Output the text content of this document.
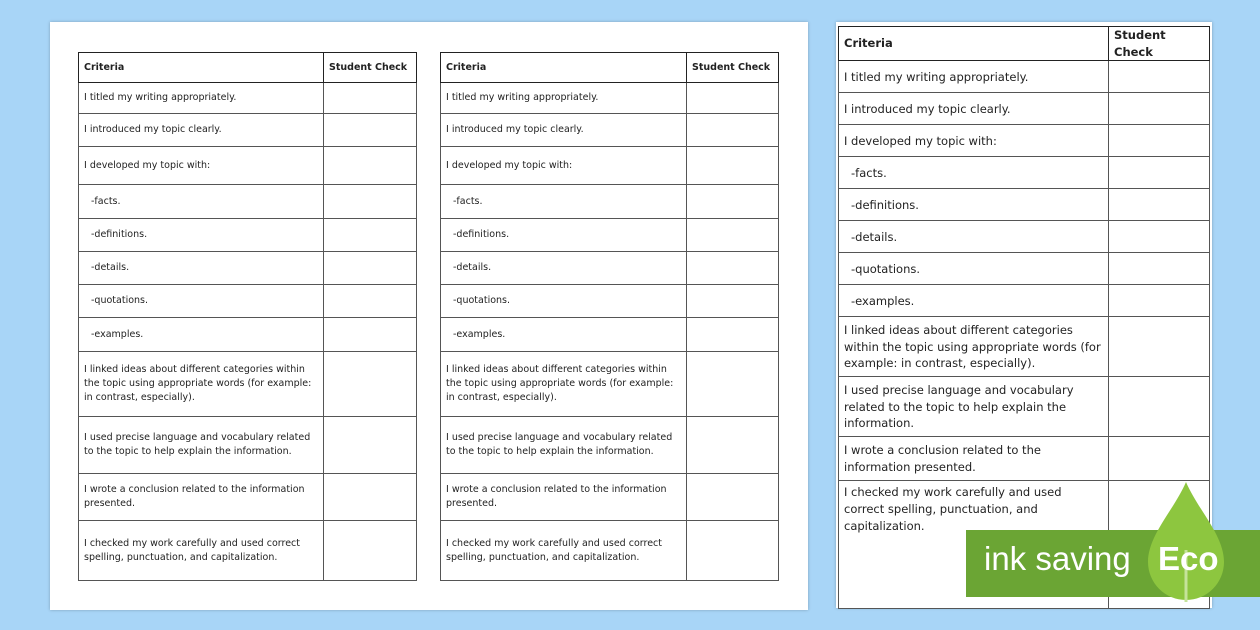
Criteria	Student Check
I titled my writing appropriately.	
I introduced my topic clearly.	
I developed my topic with:	
-facts.	
-definitions.	
-details.	
-quotations.	
-examples.	
I linked ideas about different categories within the topic using appropriate words (for example: in contrast, especially).	
I used precise language and vocabulary related to the topic to help explain the information.	
I wrote a conclusion related to the information presented.	
I checked my work carefully and used correct spelling, punctuation, and capitalization.	
Criteria	Student Check
I titled my writing appropriately.	
I introduced my topic clearly.	
I developed my topic with:	
-facts.	
-definitions.	
-details.	
-quotations.	
-examples.	
I linked ideas about different categories within the topic using appropriate words (for example: in contrast, especially).	
I used precise language and vocabulary related to the topic to help explain the information.	
I wrote a conclusion related to the information presented.	
I checked my work carefully and used correct spelling, punctuation, and capitalization.	
Criteria	Student Check
I titled my writing appropriately.	
I introduced my topic clearly.	
I developed my topic with:	
-facts.	
-definitions.	
-details.	
-quotations.	
-examples.	
I linked ideas about different categories within the topic using appropriate words (for example: in contrast, especially).	
I used precise language and vocabulary related to the topic to help explain the information.	
I wrote a conclusion related to the information presented.	
I checked my work carefully and used correct spelling, punctuation, and capitalization.	
ink saving Eco
